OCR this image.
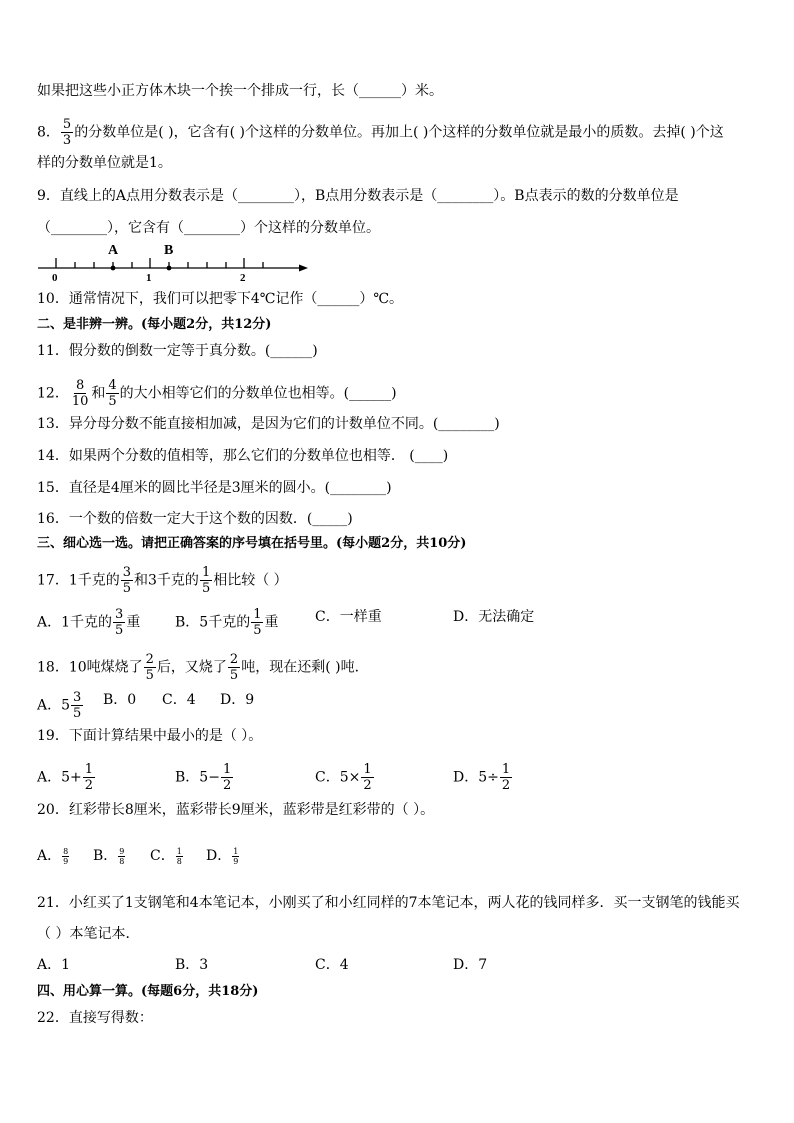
如果把这些小正方体木块一个挨一个排成一行，长（______）米。
8． $\frac{5}{3}$ 的分数单位是( )，它含有( )个这样的分数单位。再加上( )个这样的分数单位就是最小的质数。去掉( )个这
样的分数单位就是1。
9．直线上的A点用分数表示是（________），B点用分数表示是（________）。B点表示的数的分数单位是
（________），它含有（________）个这样的分数单位。
A	B
0	1	2
10．通常情况下，我们可以把零下4℃记作（______）℃。
二、是非辨一辨。(每小题2分，共12分)
11．假分数的倒数一定等于真分数。(______)
12． $\frac{8}{10}$ 和 $\frac{4}{5}$ 的大小相等它们的分数单位也相等。(______)
13．异分母分数不能直接相加减，是因为它们的计数单位不同。(________)
14．如果两个分数的值相等，那么它们的分数单位也相等． (____)
15．直径是4厘米的圆比半径是3厘米的圆小。(________)
16．一个数的倍数一定大于这个数的因数．(_____)
三、细心选一选。请把正确答案的序号填在括号里。(每小题2分，共10分)
17．1千克的 $\frac{3}{5}$ 和3千克的 $\frac{1}{5}$ 相比较（ ）
A．1千克的 $\frac{3}{5}$ 重 B．5千克的 $\frac{1}{5}$ 重	C．一样重	D．无法确定
18．10吨煤烧了 $\frac{2}{5}$ 后，又烧了 $\frac{2}{5}$ 吨，现在还剩( )吨．
A．$5 \frac{3}{5}$ B．0 C．4 D．9
19．下面计算结果中最小的是（ ）。
A．$5+ \frac{1}{2}$	B．$5- \frac{1}{2}$	C．$5\times \frac{1}{2}$	D．$5\div \frac{1}{2}$
20．红彩带长8厘米，蓝彩带长9厘米，蓝彩带是红彩带的（ ）。
A． $\frac{8}{9}$ B． $\frac{9}{8}$ C． $\frac{1}{8}$ D． $\frac{1}{9}$
21．小红买了1支钢笔和4本笔记本，小刚买了和小红同样的7本笔记本，两人花的钱同样多．买一支钢笔的钱能买
（ ）本笔记本．
A．1	B．3	C．4	D．7
四、用心算一算。(每题6分，共18分)
22．直接写得数：
